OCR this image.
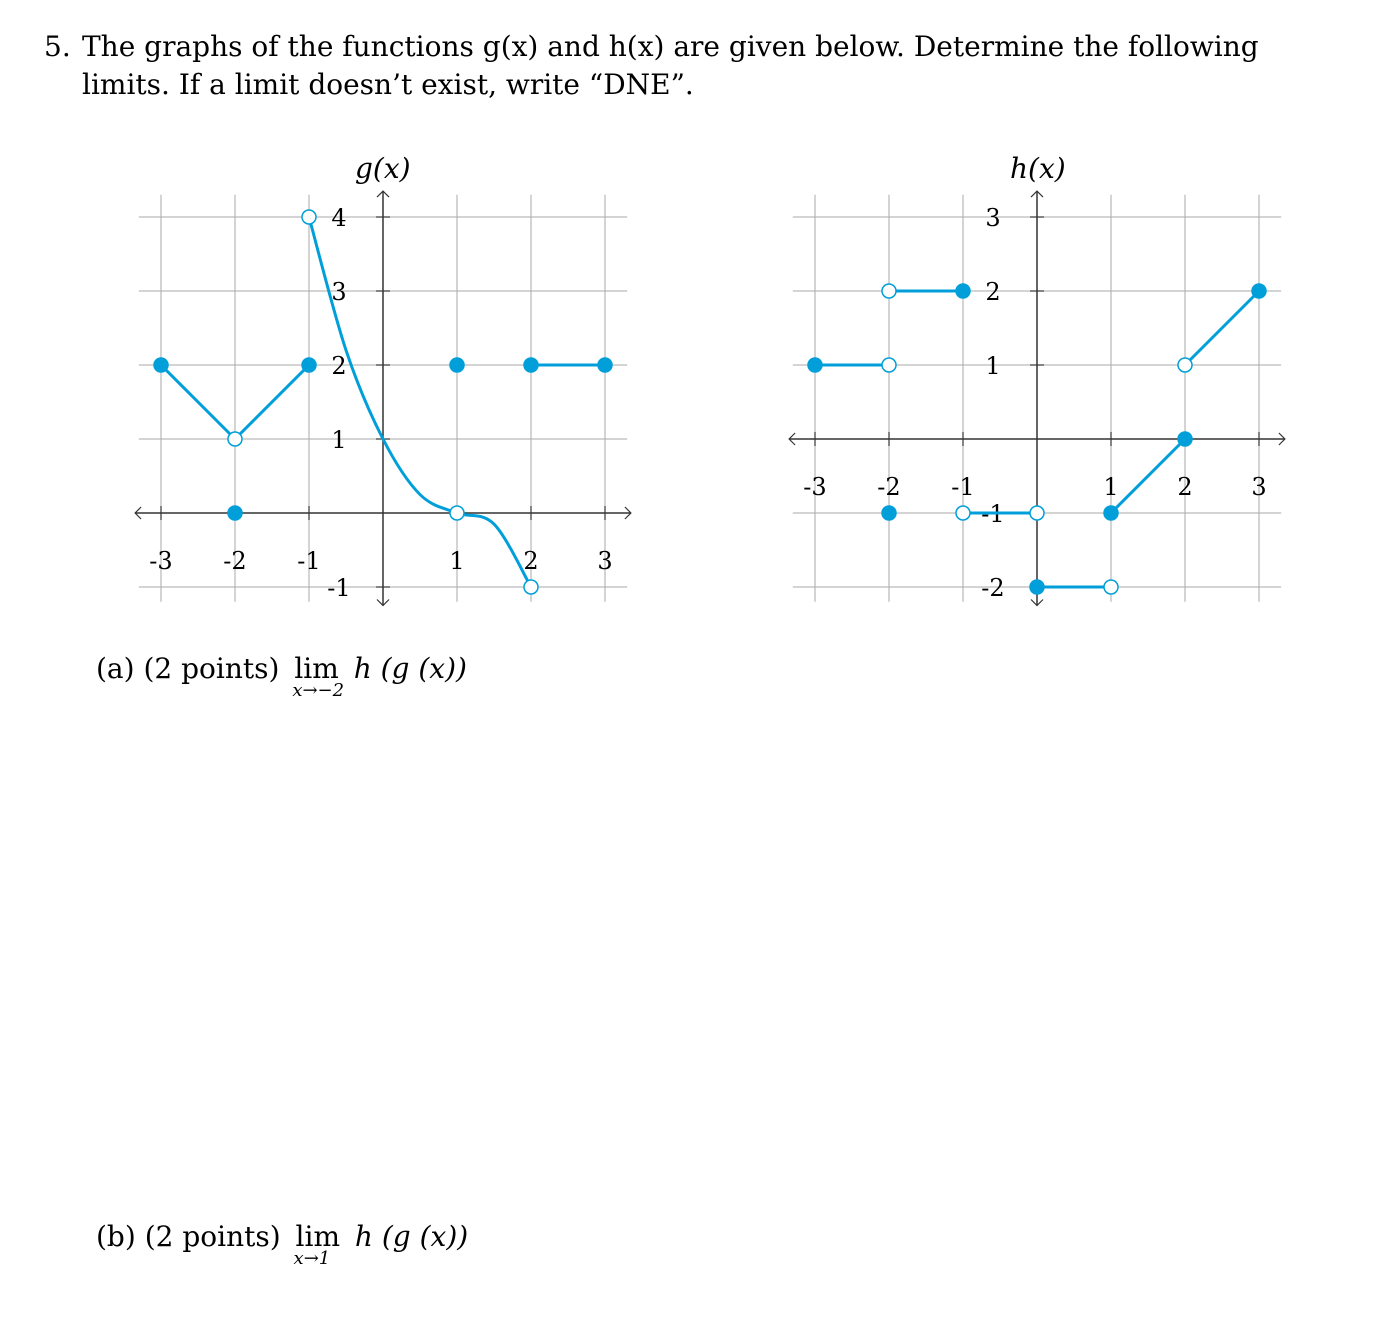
5. The graphs of the functions g(x) and h(x) are given below. Determine the following limits. If a limit doesn’t exist, write “DNE”.
g(x)	h(x)
-3 -2 -1	1 2 3
4
3
2
1
-1
-3 -2 -1	1 2 3
3
2
1
-1
-2
(a) (2 points) lim
x→−2
h (g (x))
(b) (2 points) lim
x→1
h (g (x))
